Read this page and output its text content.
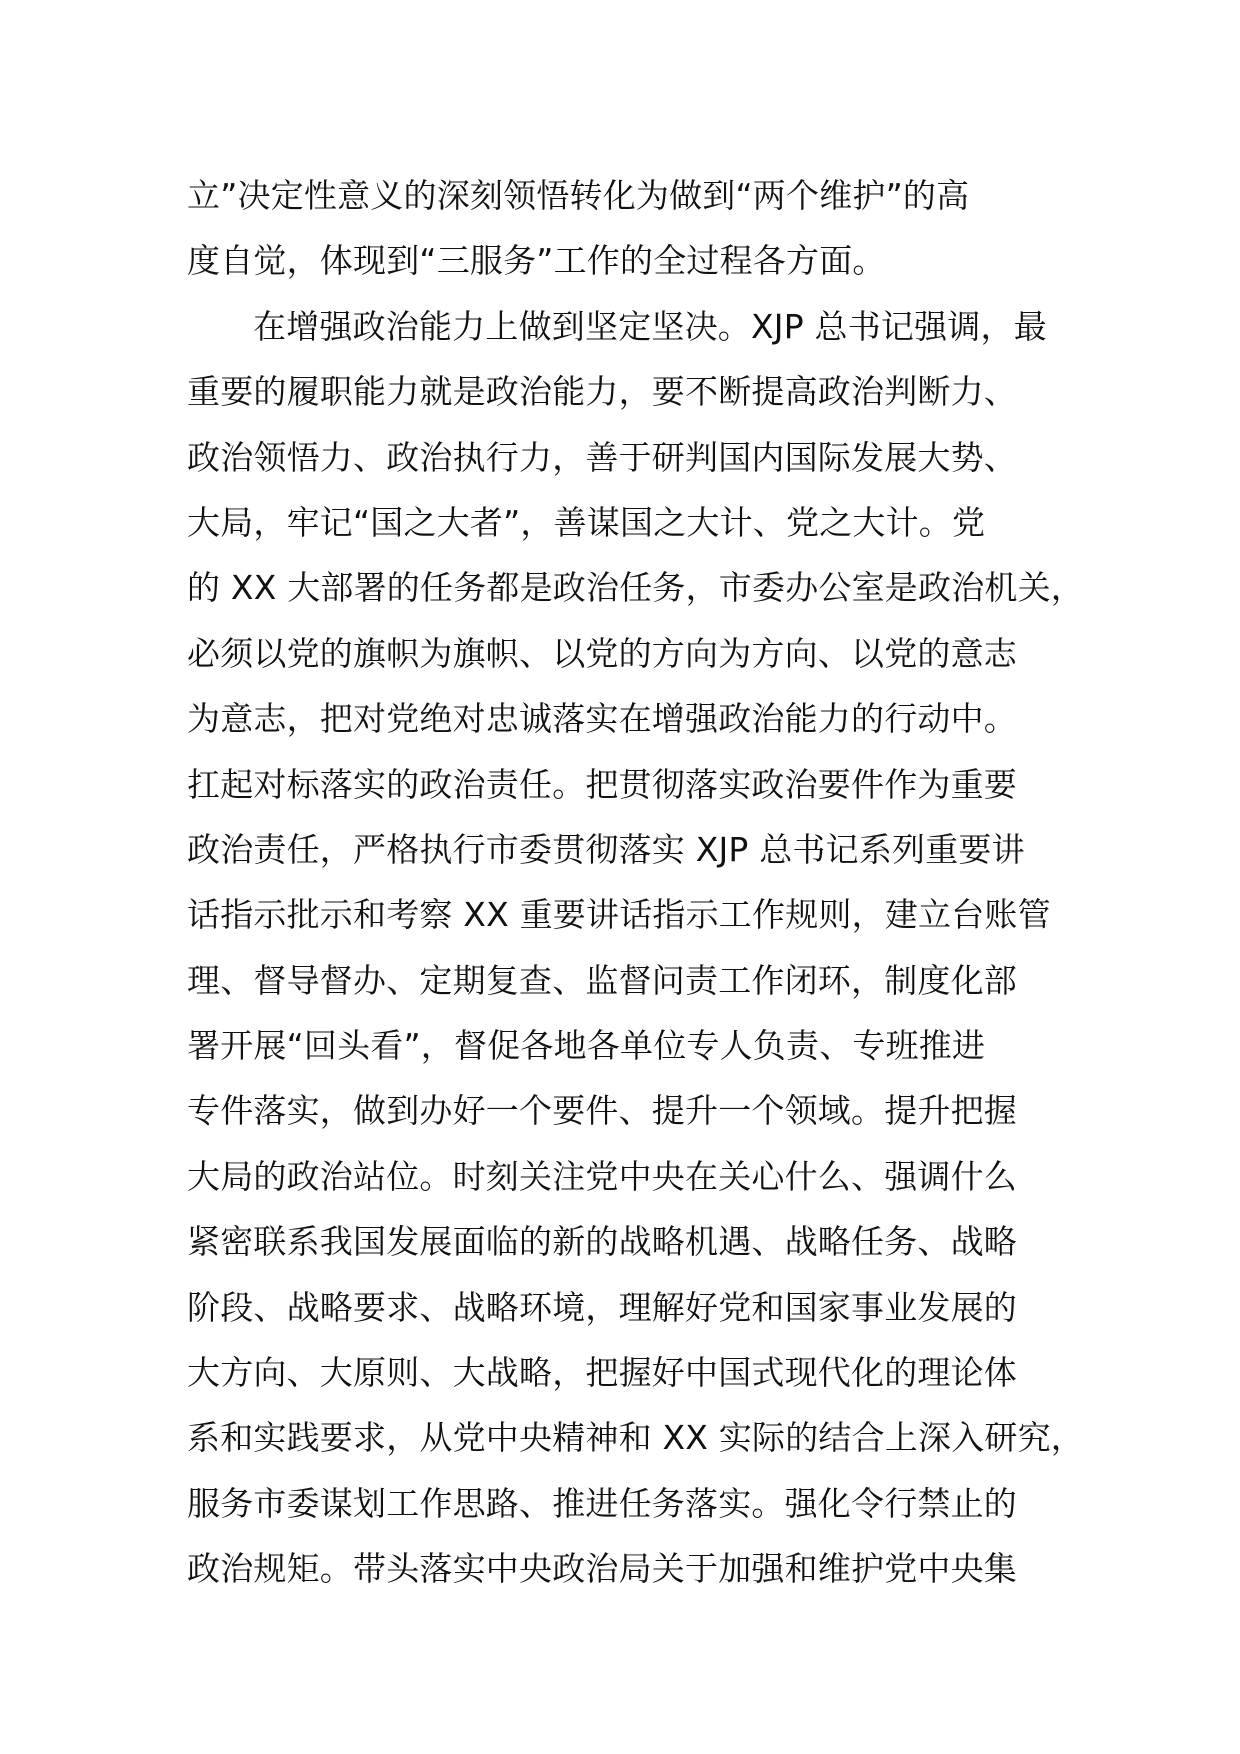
立”决定性意义的深刻领悟转化为做到“两个维护”的高
度自觉，体现到“三服务”工作的全过程各方面。
在增强政治能力上做到坚定坚决。XJP 总书记强调，最
重要的履职能力就是政治能力，要不断提高政治判断力、
政治领悟力、政治执行力，善于研判国内国际发展大势、
大局，牢记“国之大者”，善谋国之大计、党之大计。党
的 XX 大部署的任务都是政治任务，市委办公室是政治机关，
必须以党的旗帜为旗帜、以党的方向为方向、以党的意志
为意志，把对党绝对忠诚落实在增强政治能力的行动中。
扛起对标落实的政治责任。把贯彻落实政治要件作为重要
政治责任，严格执行市委贯彻落实 XJP 总书记系列重要讲
话指示批示和考察 XX 重要讲话指示工作规则，建立台账管
理、督导督办、定期复查、监督问责工作闭环，制度化部
署开展“回头看”，督促各地各单位专人负责、专班推进
专件落实，做到办好一个要件、提升一个领域。提升把握
大局的政治站位。时刻关注党中央在关心什么、强调什么
紧密联系我国发展面临的新的战略机遇、战略任务、战略
阶段、战略要求、战略环境，理解好党和国家事业发展的
大方向、大原则、大战略，把握好中国式现代化的理论体
系和实践要求，从党中央精神和 XX 实际的结合上深入研究，
服务市委谋划工作思路、推进任务落实。强化令行禁止的
政治规矩。带头落实中央政治局关于加强和维护党中央集
